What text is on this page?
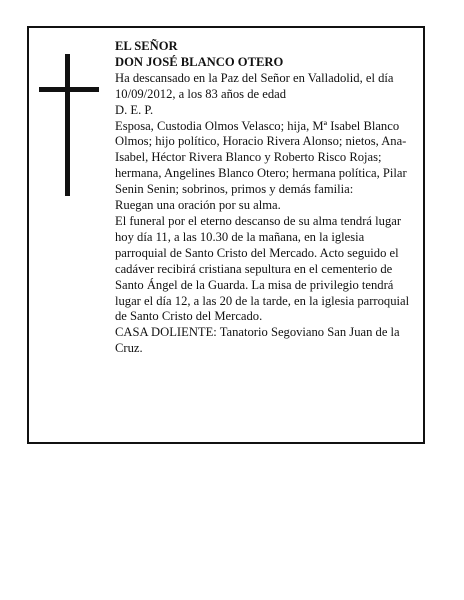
EL SEÑOR

DON JOSÉ BLANCO OTERO

Ha descansado en la Paz del Señor en Valladolid, el día 10/09/2012, a los 83 años de edad

D. E. P.

Esposa, Custodia Olmos Velasco; hija, Mª Isabel Blanco Olmos; hijo político, Horacio Rivera Alonso; nietos, Ana-Isabel, Héctor Rivera Blanco y Roberto Risco Rojas; hermana, Angelines Blanco Otero; hermana política, Pilar Senin Senin; sobrinos, primos y demás familia:

Ruegan una oración por su alma.

El funeral por el eterno descanso de su alma tendrá lugar hoy día 11, a las 10.30 de la mañana, en la iglesia parroquial de Santo Cristo del Mercado. Acto seguido el cadáver recibirá cristiana sepultura en el cementerio de Santo Ángel de la Guarda. La misa de privilegio tendrá lugar el día 12, a las 20 de la tarde, en la iglesia parroquial de Santo Cristo del Mercado.

CASA DOLIENTE: Tanatorio Segoviano San Juan de la Cruz.
